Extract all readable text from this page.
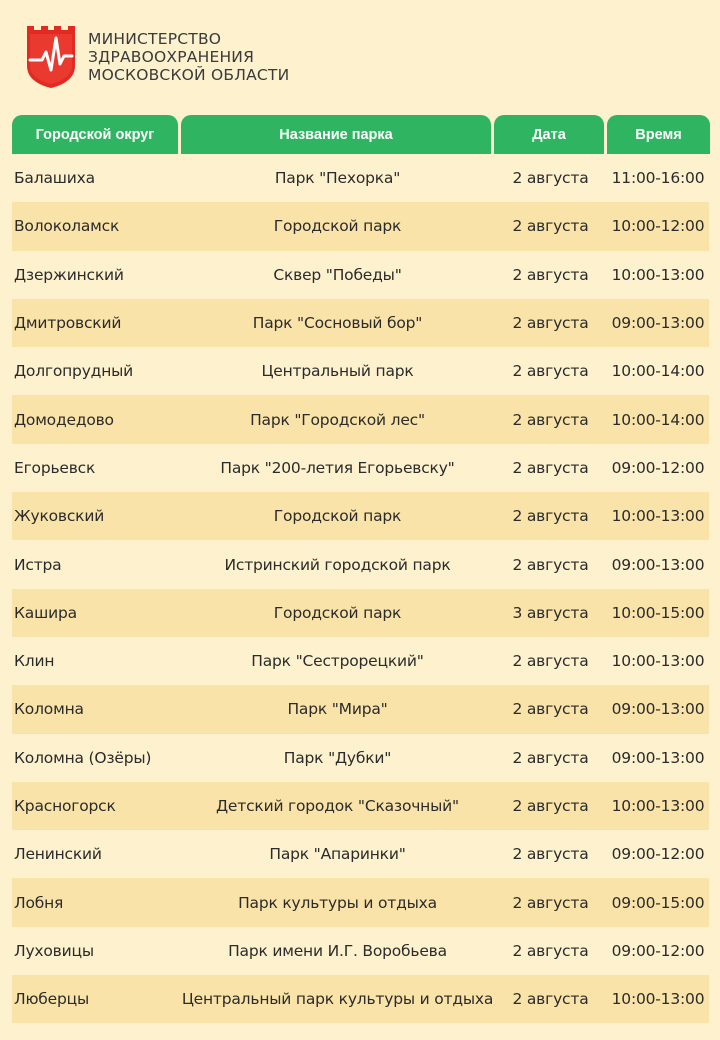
МИНИСТЕРСТВО
ЗДРАВООХРАНЕНИЯ
МОСКОВСКОЙ ОБЛАСТИ
Городской округ	Название парка	Дата	Время
Балашиха	Парк "Пехорка"	2 августа	11:00-16:00
Волоколамск	Городской парк	2 августа	10:00-12:00
Дзержинский	Сквер "Победы"	2 августа	10:00-13:00
Дмитровский	Парк "Сосновый бор"	2 августа	09:00-13:00
Долгопрудный	Центральный парк	2 августа	10:00-14:00
Домодедово	Парк "Городской лес"	2 августа	10:00-14:00
Егорьевск	Парк "200-летия Егорьевску"	2 августа	09:00-12:00
Жуковский	Городской парк	2 августа	10:00-13:00
Истра	Истринский городской парк	2 августа	09:00-13:00
Кашира	Городской парк	3 августа	10:00-15:00
Клин	Парк "Сестрорецкий"	2 августа	10:00-13:00
Коломна	Парк "Мира"	2 августа	09:00-13:00
Коломна (Озёры)	Парк "Дубки"	2 августа	09:00-13:00
Красногорск	Детский городок "Сказочный"	2 августа	10:00-13:00
Ленинский	Парк "Апаринки"	2 августа	09:00-12:00
Лобня	Парк культуры и отдыха	2 августа	09:00-15:00
Луховицы	Парк имени И.Г. Воробьева	2 августа	09:00-12:00
Люберцы	Центральный парк культуры и отдыха	2 августа	10:00-13:00
